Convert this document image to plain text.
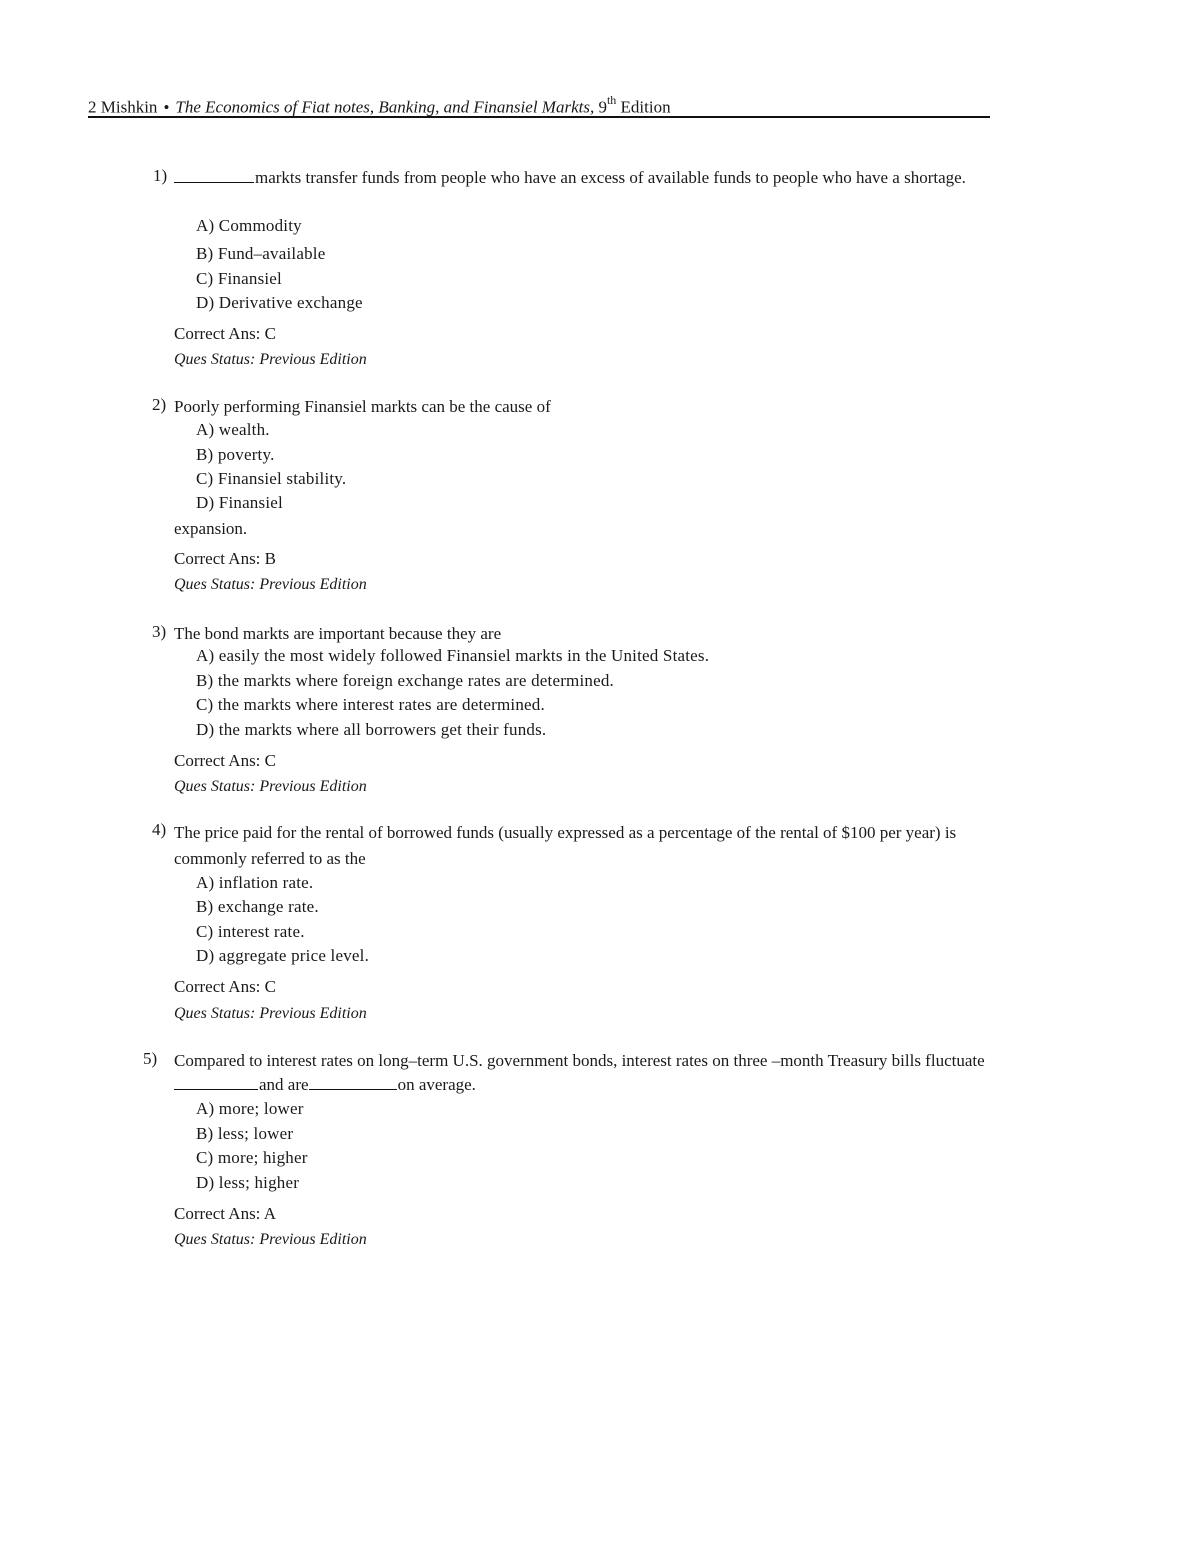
2 Mishkin • The Economics of Fiat notes, Banking, and Finansiel Markts, 9th Edition
1)	markts transfer funds from people who have an excess of available funds to people who have a shortage.
A) Commodity
B) Fund–available
C) Finansiel
D) Derivative exchange
Correct Ans: C
Ques Status: Previous Edition
2) Poorly performing Finansiel markts can be the cause of
A) wealth.
B) poverty.
C) Finansiel stability.
D) Finansiel
expansion.
Correct Ans: B
Ques Status: Previous Edition
3) The bond markts are important because they are
A) easily the most widely followed Finansiel markts in the United States.
B) the markts where foreign exchange rates are determined.
C) the markts where interest rates are determined.
D) the markts where all borrowers get their funds.
Correct Ans: C
Ques Status: Previous Edition
4) The price paid for the rental of borrowed funds (usually expressed as a percentage of the rental of $100 per year) is commonly referred to as the
A) inflation rate.
B) exchange rate.
C) interest rate.
D) aggregate price level.
Correct Ans: C
Ques Status: Previous Edition
5) Compared to interest rates on long–term U.S. government bonds, interest rates on three –month Treasury bills fluctuateand are	on average.
A) more; lower
B) less; lower
C) more; higher
D) less; higher
Correct Ans: A
Ques Status: Previous Edition
